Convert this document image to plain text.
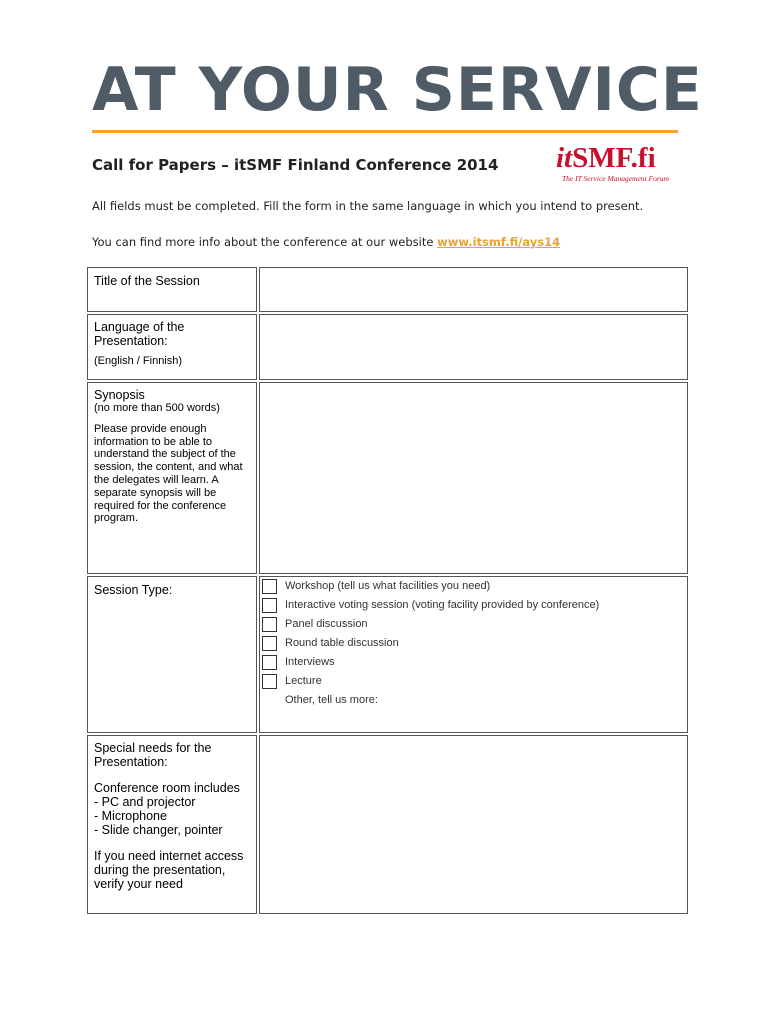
AT YOUR SERVICE
Call for Papers – itSMF Finland Conference 2014 itSMF.fi
The IT Service Management Forum
All fields must be completed. Fill the form in the same language in which you intend to present.
You can find more info about the conference at our website www.itsmf.fi/ays14
Title of the Session
Language of the Presentation:
(English / Finnish)
Synopsis
(no more than 500 words)
Please provide enough information to be able to understand the subject of the session, the content, and what the delegates will learn. A separate synopsis will be required for the conference program.
Session Type:	Workshop (tell us what facilities you need)
Interactive voting session (voting facility provided by conference)
Panel discussion
Round table discussion
Interviews
Lecture
Other, tell us more:
Special needs for the Presentation:
Conference room includes
- PC and projector
- Microphone
- Slide changer, pointer
If you need internet access during the presentation, verify your need
